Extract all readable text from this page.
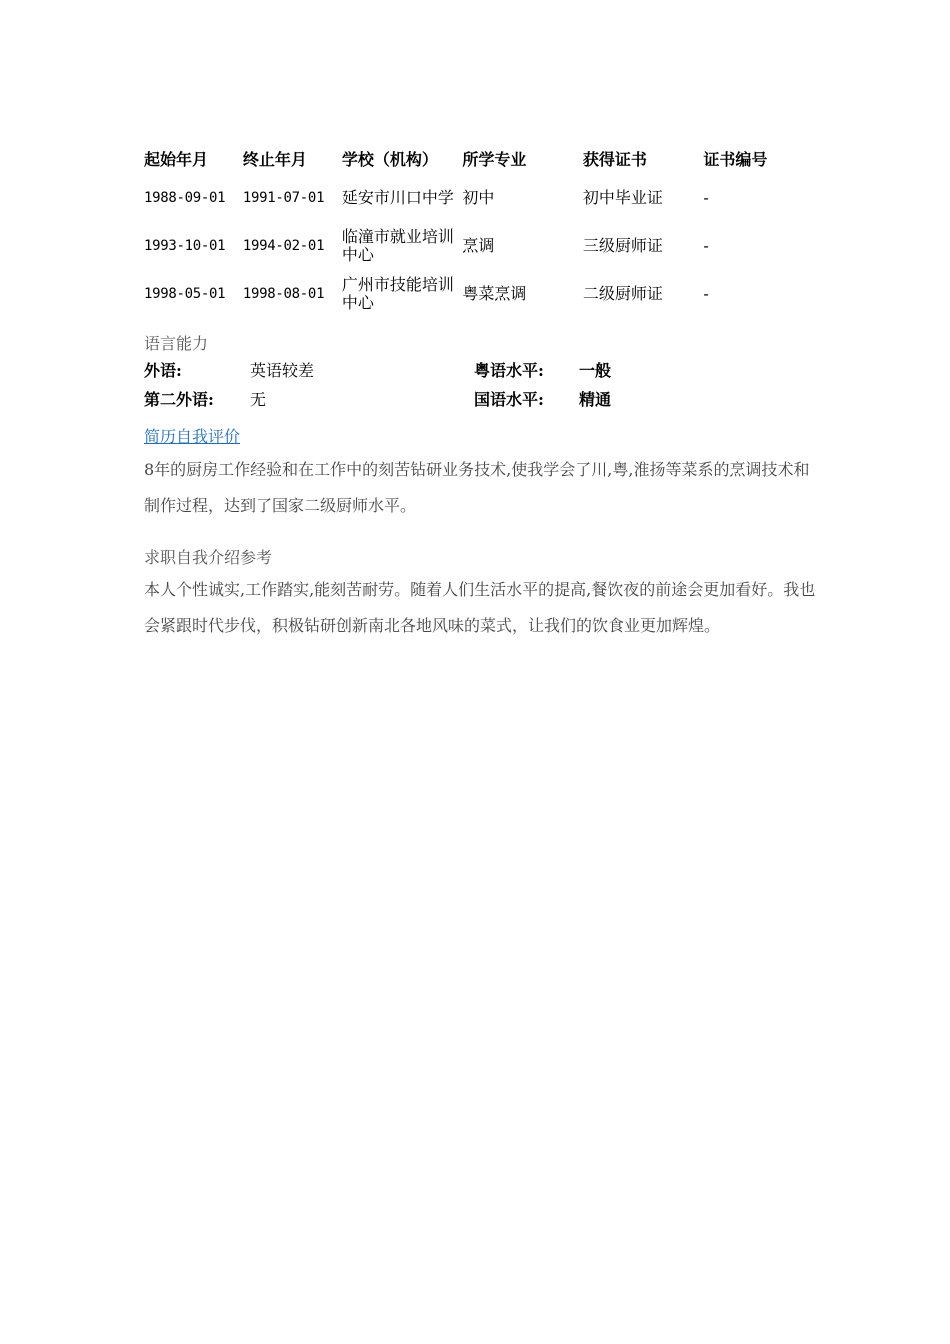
起始年月	终止年月	学校（机构）	所学专业	获得证书	证书编号
1988-09-01	1991-07-01	延安市川口中学	初中	初中毕业证	-
1993-10-01	1994-02-01	临潼市就业培训中心	烹调	三级厨师证	-
1998-05-01	1998-08-01	广州市技能培训中心	粤菜烹调	二级厨师证	-
语言能力
外语:	英语较差	粤语水平: 一般
第二外语: 无	国语水平: 精通
简历自我评价
8年的厨房工作经验和在工作中的刻苦钻研业务技术,使我学会了川,粤,淮扬等菜系的烹调技术和制作过程，达到了国家二级厨师水平。
求职自我介绍参考
本人个性诚实,工作踏实,能刻苦耐劳。随着人们生活水平的提高,餐饮夜的前途会更加看好。我也会紧跟时代步伐，积极钻研创新南北各地风味的菜式，让我们的饮食业更加辉煌。
